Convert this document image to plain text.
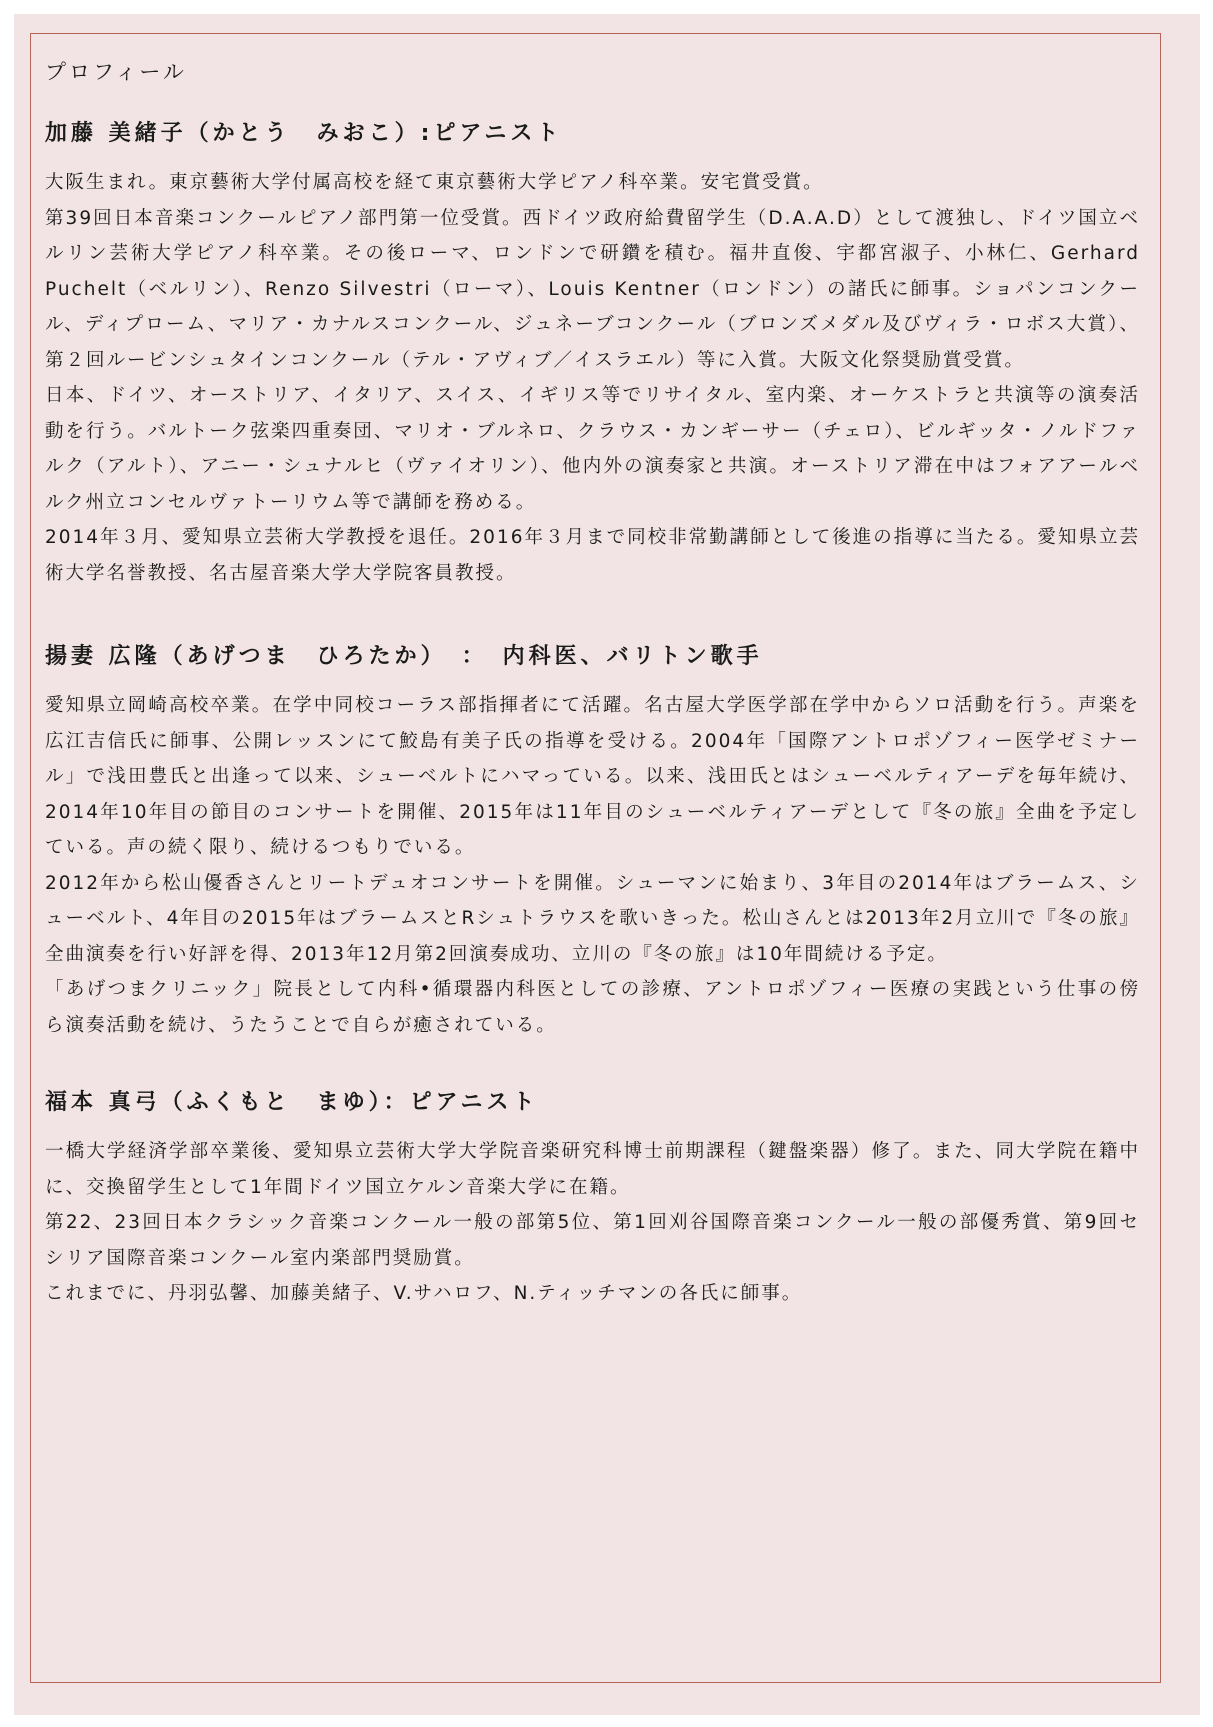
プロフィール
加藤 美緒子（かとう　みおこ）:ピアニスト

大阪生まれ。東京藝術大学付属高校を経て東京藝術大学ピアノ科卒業。安宅賞受賞。

第39回日本音楽コンクールピアノ部門第一位受賞。西ドイツ政府給費留学生（D.A.A.D）として渡独し、ドイツ国立ベルリン芸術大学ピアノ科卒業。その後ローマ、ロンドンで研鑽を積む。福井直俊、宇都宮淑子、小林仁、Gerhard Puchelt（ベルリン）、Renzo Silvestri（ローマ）、Louis Kentner（ロンドン）の諸氏に師事。ショパンコンクール、ディプローム、マリア・カナルスコンクール、ジュネーブコンクール（ブロンズメダル及びヴィラ・ロボス大賞）、第２回ルービンシュタインコンクール（テル・アヴィブ／イスラエル）等に入賞。大阪文化祭奨励賞受賞。

日本、ドイツ、オーストリア、イタリア、スイス、イギリス等でリサイタル、室内楽、オーケストラと共演等の演奏活動を行う。バルトーク弦楽四重奏団、マリオ・ブルネロ、クラウス・カンギーサー（チェロ）、ビルギッタ・ノルドファルク（アルト）、アニー・シュナルヒ（ヴァイオリン）、他内外の演奏家と共演。オーストリア滞在中はフォアアールベルク州立コンセルヴァトーリウム等で講師を務める。

2014年３月、愛知県立芸術大学教授を退任。2016年３月まで同校非常勤講師として後進の指導に当たる。愛知県立芸術大学名誉教授、名古屋音楽大学大学院客員教授。

揚妻 広隆（あげつま　ひろたか）　：　内科医、バリトン歌手

愛知県立岡崎高校卒業。在学中同校コーラス部指揮者にて活躍。名古屋大学医学部在学中からソロ活動を行う。声楽を広江吉信氏に師事、公開レッスンにて鮫島有美子氏の指導を受ける。2004年「国際アントロポゾフィー医学ゼミナール」で浅田豊氏と出逢って以来、シューベルトにハマっている。以来、浅田氏とはシューベルティアーデを毎年続け、2014年10年目の節目のコンサートを開催、2015年は11年目のシューベルティアーデとして『冬の旅』全曲を予定している。声の続く限り、続けるつもりでいる。

2012年から松山優香さんとリートデュオコンサートを開催。シューマンに始まり、3年目の2014年はブラームス、シューベルト、4年目の2015年はブラームスとRシュトラウスを歌いきった。松山さんとは2013年2月立川で『冬の旅』全曲演奏を行い好評を得、2013年12月第2回演奏成功、立川の『冬の旅』は10年間続ける予定。

「あげつまクリニック」院長として内科•循環器内科医としての診療、アントロポゾフィー医療の実践という仕事の傍ら演奏活動を続け、うたうことで自らが癒されている。

福本 真弓（ふくもと　まゆ）：ピアニスト

一橋大学経済学部卒業後、愛知県立芸術大学大学院音楽研究科博士前期課程（鍵盤楽器）修了。また、同大学院在籍中に、交換留学生として1年間ドイツ国立ケルン音楽大学に在籍。

第22、23回日本クラシック音楽コンクール一般の部第5位、第1回刈谷国際音楽コンクール一般の部優秀賞、第9回セシリア国際音楽コンクール室内楽部門奨励賞。

これまでに、丹羽弘馨、加藤美緒子、V.サハロフ、N.ティッチマンの各氏に師事。
